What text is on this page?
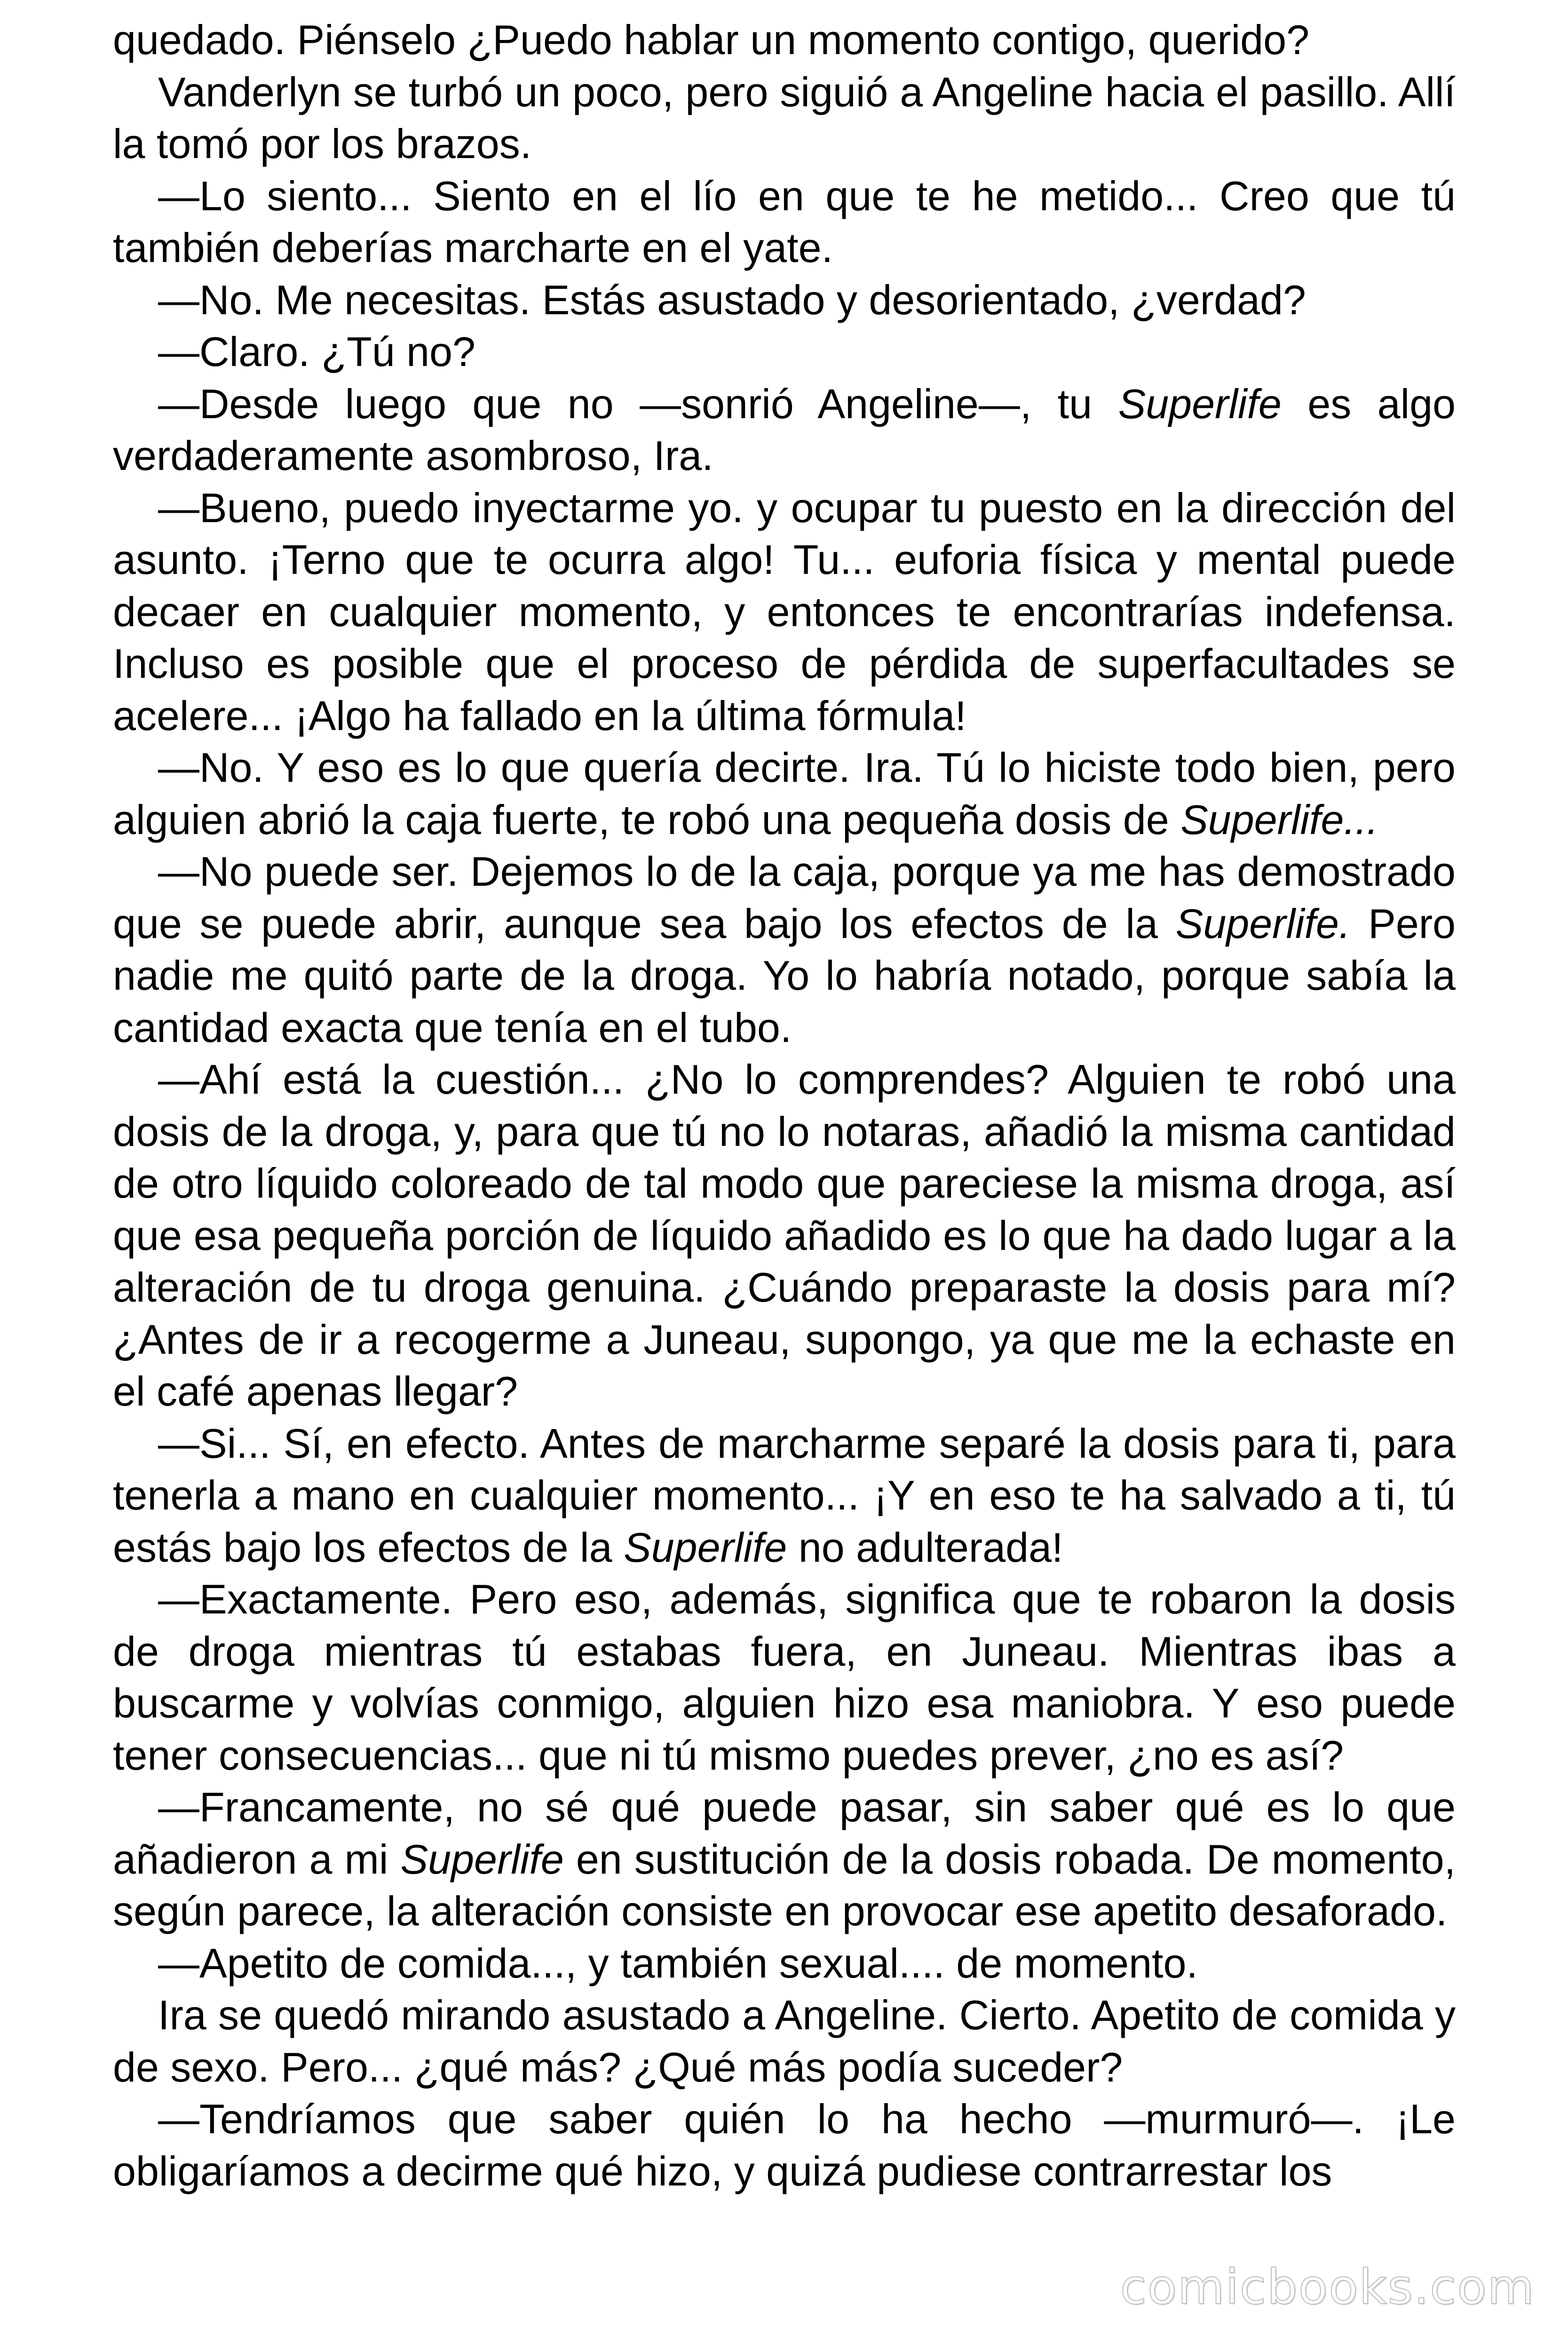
quedado. Piénselo ¿Puedo hablar un momento contigo, querido?

Vanderlyn se turbó un poco, pero siguió a Angeline hacia el pasillo. Allí la tomó por los brazos.

—Lo siento... Siento en el lío en que te he metido... Creo que tú también deberías marcharte en el yate.

—No. Me necesitas. Estás asustado y desorientado, ¿verdad?

—Claro. ¿Tú no?

—Desde luego que no —sonrió Angeline—, tu Superlife es algo verdaderamente asombroso, Ira.

—Bueno, puedo inyectarme yo. y ocupar tu puesto en la dirección del asunto. ¡Terno que te ocurra algo! Tu... euforia física y mental puede decaer en cualquier momento, y entonces te encontrarías indefensa. Incluso es posible que el proceso de pérdida de superfacultades se acelere... ¡Algo ha fallado en la última fórmula!

—No. Y eso es lo que quería decirte. Ira. Tú lo hiciste todo bien, pero alguien abrió la caja fuerte, te robó una pequeña dosis de Superlife...

—No puede ser. Dejemos lo de la caja, porque ya me has demostrado que se puede abrir, aunque sea bajo los efectos de la Superlife. Pero nadie me quitó parte de la droga. Yo lo habría notado, porque sabía la cantidad exacta que tenía en el tubo.

—Ahí está la cuestión... ¿No lo comprendes? Alguien te robó una dosis de la droga, y, para que tú no lo notaras, añadió la misma cantidad de otro líquido coloreado de tal modo que pareciese la misma droga, así que esa pequeña porción de líquido añadido es lo que ha dado lugar a la alteración de tu droga genuina. ¿Cuándo preparaste la dosis para mí? ¿Antes de ir a recogerme a Juneau, supongo, ya que me la echaste en el café apenas llegar?

—Si... Sí, en efecto. Antes de marcharme separé la dosis para ti, para tenerla a mano en cualquier momento... ¡Y en eso te ha salvado a ti, tú estás bajo los efectos de la Superlife no adulterada!

—Exactamente. Pero eso, además, significa que te robaron la dosis de droga mientras tú estabas fuera, en Juneau. Mientras ibas a buscarme y volvías conmigo, alguien hizo esa maniobra. Y eso puede tener consecuencias... que ni tú mismo puedes prever, ¿no es así?

—Francamente, no sé qué puede pasar, sin saber qué es lo que añadieron a mi Superlife en sustitución de la dosis robada. De momento, según parece, la alteración consiste en provocar ese apetito desaforado.

—Apetito de comida..., y también sexual.... de momento.

Ira se quedó mirando asustado a Angeline. Cierto. Apetito de comida y de sexo. Pero... ¿qué más? ¿Qué más podía suceder?

—Tendríamos que saber quién lo ha hecho —murmuró—. ¡Le obligaríamos a decirme qué hizo, y quizá pudiese contrarrestar los

comicbooks.com
